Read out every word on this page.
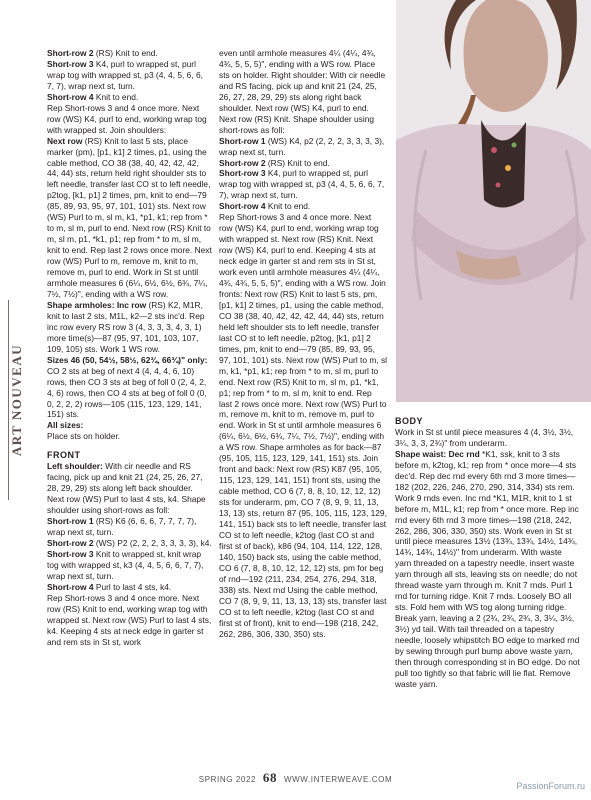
ART NOUVEAU

Short-row 2 (RS) Knit to end.

Short-row 3 K4, purl to wrapped st, purl wrap tog with wrapped st, p3 (4, 4, 5, 6, 6, 7, 7), wrap next st, turn.

Short-row 4 Knit to end.

Rep Short-rows 3 and 4 once more. Next row (WS) K4, purl to end, working wrap tog with wrapped st. Join shoulders:

Next row (RS) Knit to last 5 sts, place marker (pm), [p1, k1] 2 times, p1, using the cable method, CO 38 (38, 40, 42, 42, 42, 44, 44) sts, return held right shoulder sts to left needle, transfer last CO st to left needle, p2tog, [k1, p1] 2 times, pm, knit to end—79 (85, 89, 93, 95, 97, 101, 101) sts. Next row (WS) Purl to m, sl m, k1, *p1, k1; rep from * to m, sl m, purl to end. Next row (RS) Knit to m, sl m, p1, *k1, p1; rep from * to m, sl m, knit to end. Rep last 2 rows once more. Next row (WS) Purl to m, remove m, knit to m, remove m, purl to end. Work in St st until armhole measures 6 (6¼, 6½, 6½, 6¾, 7¼, 7½, 7½)", ending with a WS row.

Shape armholes: Inc row (RS) K2, M1R, knit to last 2 sts, M1L, k2—2 sts inc'd. Rep inc row every RS row 3 (4, 3, 3, 3, 4, 3, 1) more time(s)—87 (95, 97, 101, 103, 107, 109, 105) sts. Work 1 WS row.

Sizes 46 (50, 54½, 58½, 62¾, 66¾)" only:

CO 2 sts at beg of next 4 (4, 4, 4, 6, 10) rows, then CO 3 sts at beg of foll 0 (2, 4, 2, 4, 6) rows, then CO 4 sts at beg of foll 0 (0, 0, 2, 2, 2) rows—105 (115, 123, 129, 141, 151) sts.

All sizes:

Place sts on holder.

FRONT

Left shoulder: With cir needle and RS facing, pick up and knit 21 (24, 25, 26, 27, 28, 29, 29) sts along left back shoulder. Next row (WS) Purl to last 4 sts, k4. Shape shoulder using short-rows as foll:

Short-row 1 (RS) K6 (6, 6, 6, 7, 7, 7, 7), wrap next st, turn.

Short-row 2 (WS) P2 (2, 2, 2, 3, 3, 3, 3), k4.

Short-row 3 Knit to wrapped st, knit wrap tog with wrapped st, k3 (4, 4, 5, 6, 6, 7, 7), wrap next st, turn.

Short-row 4 Purl to last 4 sts, k4.

Rep Short-rows 3 and 4 once more. Next row (RS) Knit to end, working wrap tog with wrapped st. Next row (WS) Purl to last 4 sts, k4. Keeping 4 sts at neck edge in garter st and rem sts in St st, work

even until armhole measures 4¼ (4¼, 4¾, 4¾, 5, 5, 5)", ending with a WS row. Place sts on holder. Right shoulder: With cir needle and RS facing, pick up and knit 21 (24, 25, 26, 27, 28, 29, 29) sts along right back shoulder. Next row (WS) K4, purl to end. Next row (RS) Knit. Shape shoulder using short-rows as foll:

Short-row 1 (WS) K4, p2 (2, 2, 2, 3, 3, 3, 3), wrap next st, turn.

Short-row 2 (RS) Knit to end.

Short-row 3 K4, purl to wrapped st, purl wrap tog with wrapped st, p3 (4, 4, 5, 6, 6, 7, 7), wrap next st, turn.

Short-row 4 Knit to end.

Rep Short-rows 3 and 4 once more. Next row (WS) K4, purl to end, working wrap tog with wrapped st. Next row (RS) Knit. Next row (WS) K4, purl to end. Keeping 4 sts at neck edge in garter st and rem sts in St st, work even until armhole measures 4¼ (4¼, 4¾, 4¾, 5, 5, 5)", ending with a WS row. Join fronts: Next row (RS) Knit to last 5 sts, pm, [p1, k1] 2 times, p1, using the cable method, CO 38 (38, 40, 42, 42, 42, 44, 44) sts, return held left shoulder sts to left needle, transfer last CO st to left needle, p2tog, [k1, p1] 2 times, pm, knit to end—79 (85, 89, 93, 95, 97, 101, 101) sts. Next row (WS) Purl to m, sl m, k1, *p1, k1; rep from * to m, sl m, purl to end. Next row (RS) Knit to m, sl m, p1, *k1, p1; rep from * to m, sl m, knit to end. Rep last 2 rows once more. Next row (WS) Purl to m, remove m, knit to m, remove m, purl to end. Work in St st until armhole measures 6 (6¼, 6½, 6½, 6¾, 7¼, 7½, 7½)", ending with a WS row. Shape armholes as for back—87 (95, 105, 115, 123, 129, 141, 151) sts. Join front and back: Next row (RS) K87 (95, 105, 115, 123, 129, 141, 151) front sts, using the cable method, CO 6 (7, 8, 8, 10, 12, 12, 12) sts for underarm, pm, CO 7 (8, 9, 9, 11, 13, 13, 13) sts, return 87 (95, 105, 115, 123, 129, 141, 151) back sts to left needle, transfer last CO st to left needle, k2tog (last CO st and first st of back), k86 (94, 104, 114, 122, 128, 140, 150) back sts, using the cable method, CO 6 (7, 8, 8, 10, 12, 12, 12) sts, pm for beg of rnd—192 (211, 234, 254, 276, 294, 318, 338) sts. Next rnd Using the cable method, CO 7 (8, 9, 9, 11, 13, 13, 13) sts, transfer last CO st to left needle, k2tog (last CO st and first st of front), knit to end—198 (218, 242, 262, 286, 306, 330, 350) sts.

BODY

Work in St st until piece measures 4 (4, 3½, 3½, 3¼, 3, 3, 2¾)" from underarm.

Shape waist: Dec rnd *K1, ssk, knit to 3 sts before m, k2tog, k1; rep from * once more—4 sts dec'd. Rep dec rnd every 6th rnd 3 more times—182 (202, 226, 246, 270, 290, 314, 334) sts rem. Work 9 rnds even. Inc rnd *K1, M1R, knit to 1 st before m, M1L, k1; rep from * once more. Rep inc rnd every 6th rnd 3 more times—198 (218, 242, 262, 286, 306, 330, 350) sts. Work even in St st until piece measures 13½ (13¾, 13¾, 14½, 14¾, 14¾, 14¾, 14½)" from underarm. With waste yarn threaded on a tapestry needle, insert waste yarn through all sts, leaving sts on needle; do not thread waste yarn through m. Knit 7 rnds. Purl 1 rnd for turning ridge. Knit 7 rnds. Loosely BO all sts. Fold hem with WS tog along turning ridge. Break yarn, leaving a 2 (2¾, 2¾, 2¾, 3, 3¼, 3½, 3½) yd tail. With tail threaded on a tapestry needle, loosely whipstitch BO edge to marked rnd by sewing through purl bump above waste yarn, then through corresponding st in BO edge. Do not pull too tightly so that fabric will lie flat. Remove waste yarn.

SPRING 2022 68 WWW.INTERWEAVE.COM
PassionForum.ru
